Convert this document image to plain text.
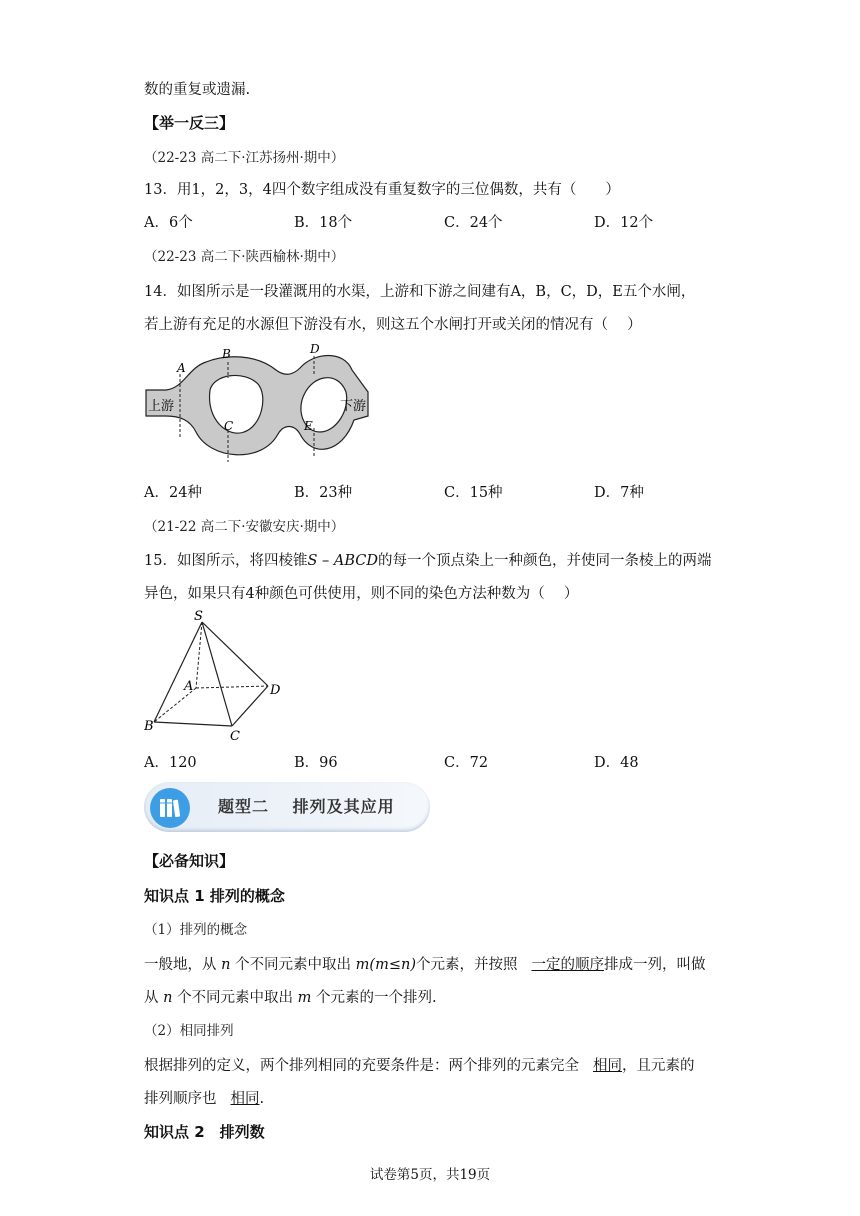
数的重复或遗漏.
【举一反三】
（22-23 高二下·江苏扬州·期中）
13．用1，2，3，4四个数字组成没有重复数字的三位偶数，共有（　　）
A．6个	B．18个	C．24个	D．12个
（22-23 高二下·陕西榆林·期中）
14．如图所示是一段灌溉用的水渠，上游和下游之间建有A，B，C，D，E五个水闸，
若上游有充足的水源但下游没有水，则这五个水闸打开或关闭的情况有（　 ）
上游	下游
A
B
C
D
E
A．24种	B．23种	C．15种	D．7种
（21-22 高二下·安徽安庆·期中）
15．如图所示，将四棱锥S – ABCD的每一个顶点染上一种颜色，并使同一条棱上的两端
异色，如果只有4种颜色可供使用，则不同的染色方法种数为（　 ）
S
A
B
C
D
A．120	B．96	C．72	D．48
题型二　 排列及其应用
【必备知识】
知识点 1 排列的概念
（1）排列的概念
一般地，从 n 个不同元素中取出 m(m≤n)个元素，并按照 一定的顺序排成一列，叫做
从 n 个不同元素中取出 m 个元素的一个排列.
（2）相同排列
根据排列的定义，两个排列相同的充要条件是：两个排列的元素完全 相同，且元素的
排列顺序也 相同.
知识点 2　排列数
试卷第5页，共19页
